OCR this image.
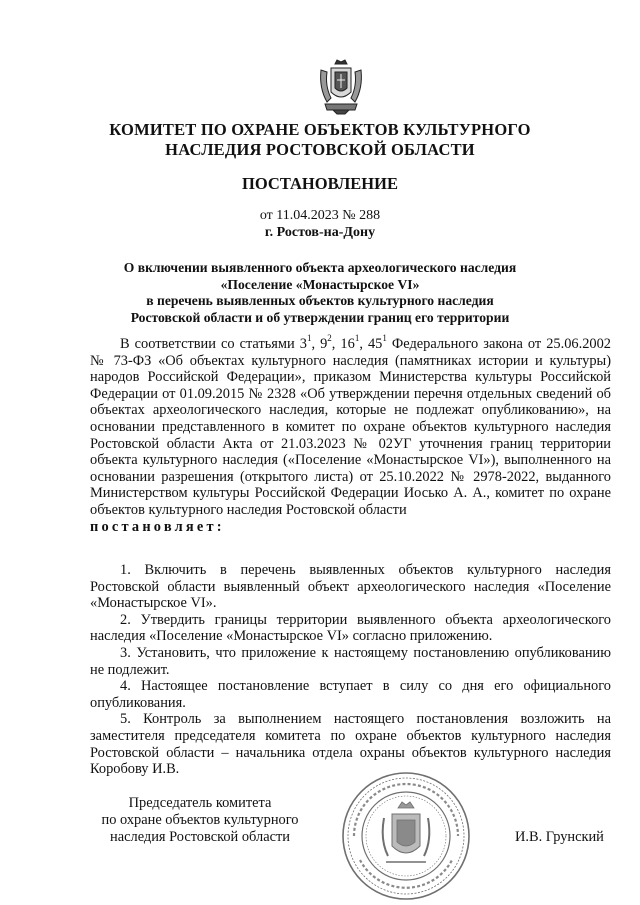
КОМИТЕТ ПО ОХРАНЕ ОБЪЕКТОВ КУЛЬТУРНОГО
НАСЛЕДИЯ РОСТОВСКОЙ ОБЛАСТИ
ПОСТАНОВЛЕНИЕ
от 11.04.2023 № 288
г. Ростов-на-Дону
О включении выявленного объекта археологического наследия
«Поселение «Монастырское VI»
в перечень выявленных объектов культурного наследия
Ростовской области и об утверждении границ его территории

В соответствии со статьями $3^1$, $9^2$, $16^1$, $45^1$ Федерального закона от 25.06.2002 № 73-ФЗ «Об объектах культурного наследия (памятниках истории и культуры) народов Российской Федерации», приказом Министерства культуры Российской Федерации от 01.09.2015 № 2328 «Об утверждении перечня отдельных сведений об объектах археологического наследия, которые не подлежат опубликованию», на основании представленного в комитет по охране объектов культурного наследия Ростовской области Акта от 21.03.2023 № 02УГ уточнения границ территории объекта культурного наследия («Поселение «Монастырское VI»), выполненного на основании разрешения (открытого листа) от 25.10.2022 № 2978-2022, выданного Министерством культуры Российской Федерации Иосько А. А., комитет по охране объектов культурного наследия Ростовской области

постановляет:

1. Включить в перечень выявленных объектов культурного наследия Ростовской области выявленный объект археологического наследия «Поселение «Монастырское VI».

2. Утвердить границы территории выявленного объекта археологического наследия «Поселение «Монастырское VI» согласно приложению.

3. Установить, что приложение к настоящему постановлению опубликованию не подлежит.

4. Настоящее постановление вступает в силу со дня его официального опубликования.

5. Контроль за выполнением настоящего постановления возложить на заместителя председателя комитета по охране объектов культурного наследия Ростовской области – начальника отдела охраны объектов культурного наследия Коробову И.В.

Председатель комитета
по охране объектов культурного
наследия Ростовской области	И.В. Грунский
